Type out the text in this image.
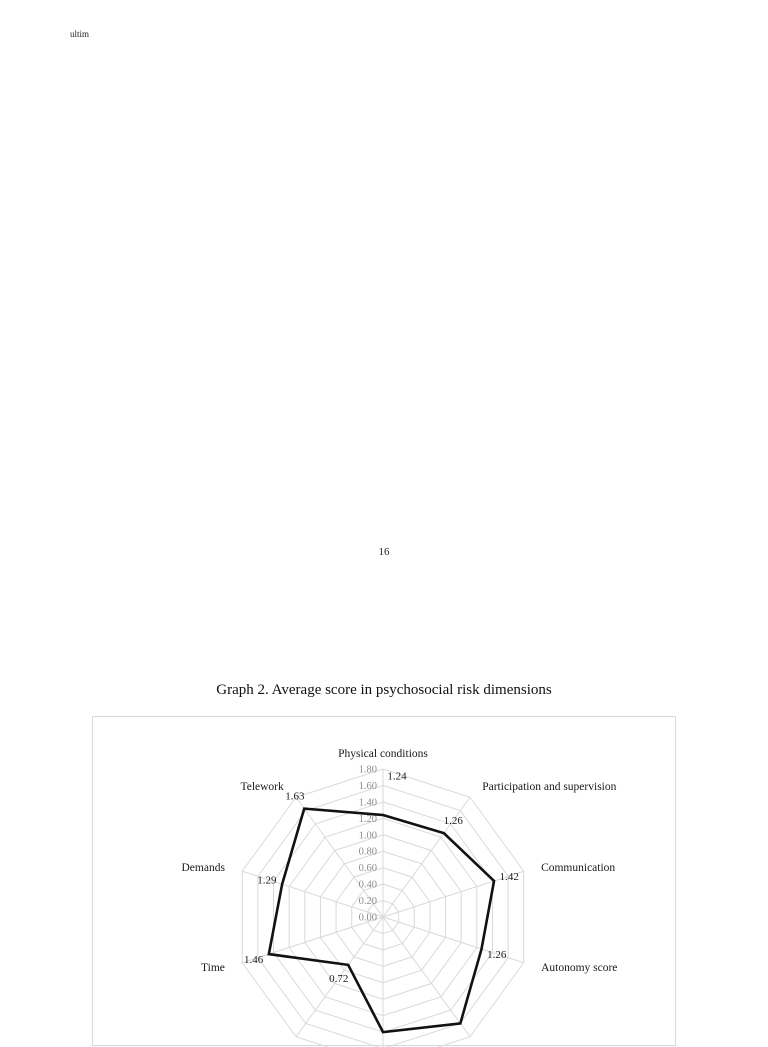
ultim
16
Graph 2. Average score in psychosocial risk dimensions
0.00
0.20
0.40
0.60
0.80
1.00
1.20
1.40
1.60
1.80
Physical conditions
Participation and supervision
Communication
Autonomy score
Time
Demands
Telework
1.24
1.26
1.42
1.26
0.72
1.46
1.29
1.63
